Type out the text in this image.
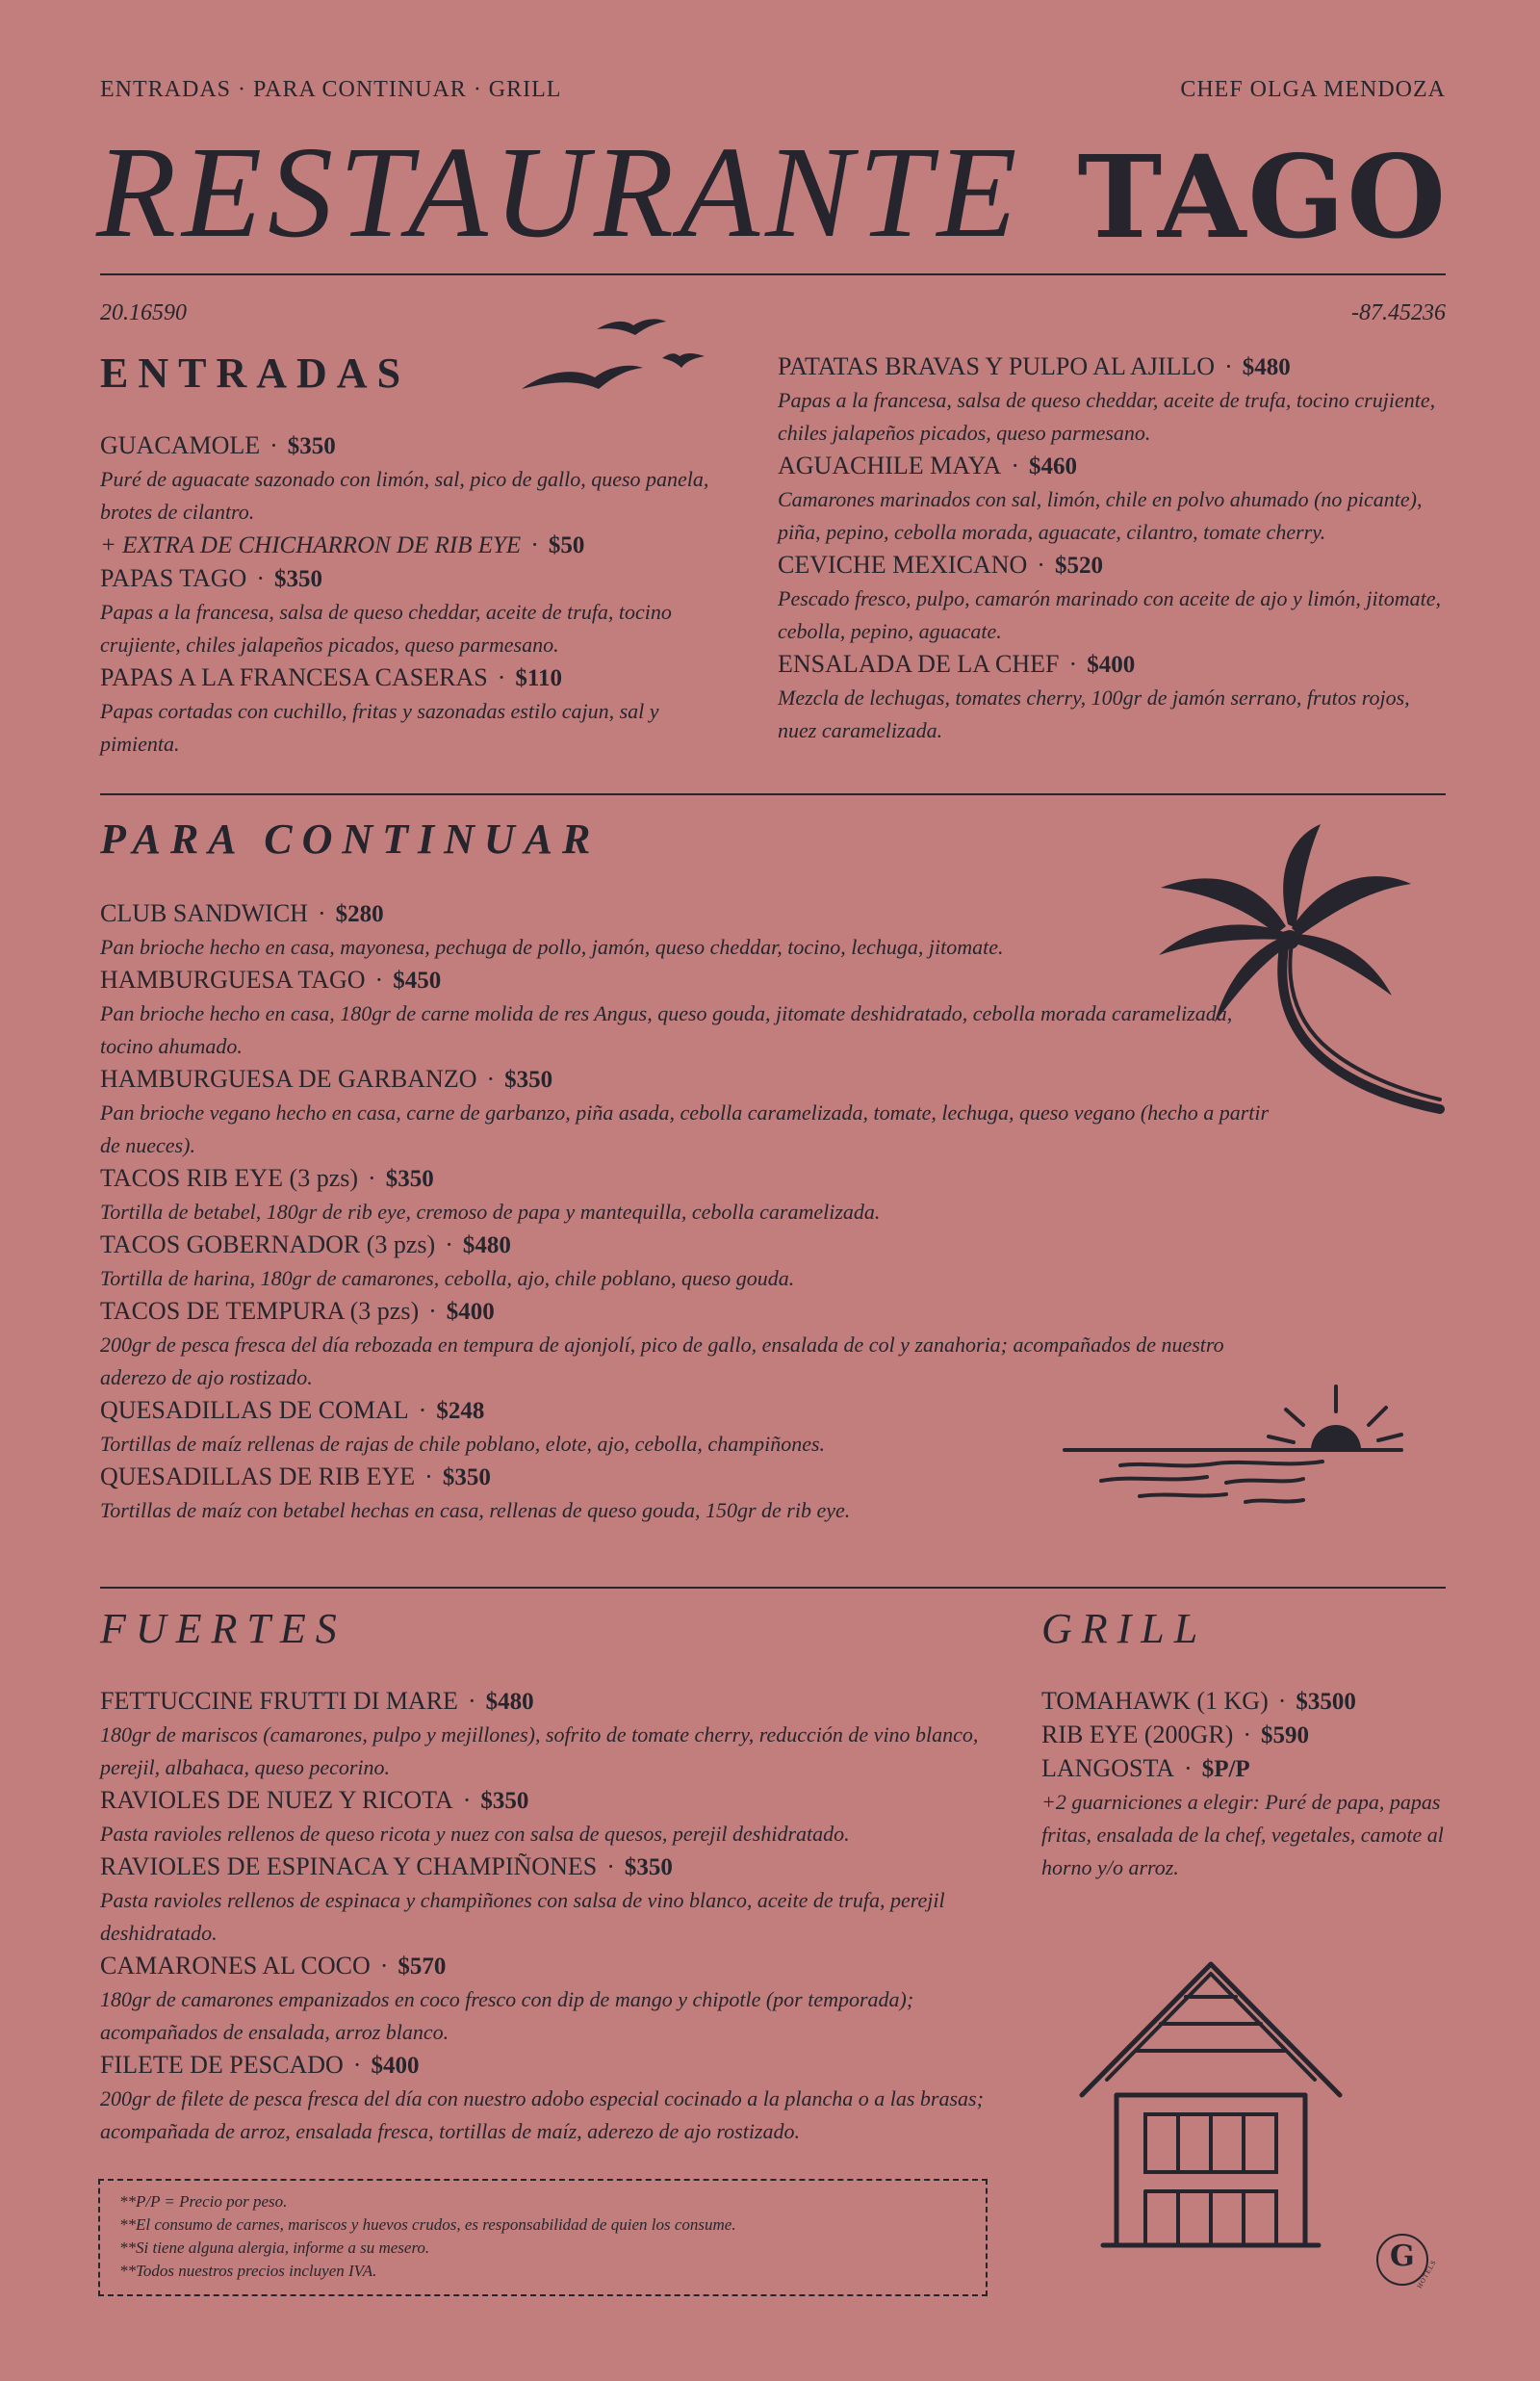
ENTRADAS · PARA CONTINUAR · GRILL	CHEF OLGA MENDOZA
RESTAURANTE TAGO
20.16590	-87.45236
ENTRADAS
GUACAMOLE · $350
Puré de aguacate sazonado con limón, sal, pico de gallo, queso panela, brotes de cilantro.
+ EXTRA DE CHICHARRON DE RIB EYE · $50
PAPAS TAGO · $350
Papas a la francesa, salsa de queso cheddar, aceite de trufa, tocino crujiente, chiles jalapeños picados, queso parmesano.
PAPAS A LA FRANCESA CASERAS · $110
Papas cortadas con cuchillo, fritas y sazonadas estilo cajun, sal y pimienta.
PATATAS BRAVAS Y PULPO AL AJILLO · $480
Papas a la francesa, salsa de queso cheddar, aceite de trufa, tocino crujiente, chiles jalapeños picados, queso parmesano.
AGUACHILE MAYA · $460
Camarones marinados con sal, limón, chile en polvo ahumado (no picante), piña, pepino, cebolla morada, aguacate, cilantro, tomate cherry.
CEVICHE MEXICANO · $520
Pescado fresco, pulpo, camarón marinado con aceite de ajo y limón, jitomate, cebolla, pepino, aguacate.
ENSALADA DE LA CHEF · $400
Mezcla de lechugas, tomates cherry, 100gr de jamón serrano, frutos rojos, nuez caramelizada.
PARA CONTINUAR
CLUB SANDWICH · $280
Pan brioche hecho en casa, mayonesa, pechuga de pollo, jamón, queso cheddar, tocino, lechuga, jitomate.
HAMBURGUESA TAGO · $450
Pan brioche hecho en casa, 180gr de carne molida de res Angus, queso gouda, jitomate deshidratado, cebolla morada caramelizada, tocino ahumado.
HAMBURGUESA DE GARBANZO · $350
Pan brioche vegano hecho en casa, carne de garbanzo, piña asada, cebolla caramelizada, tomate, lechuga, queso vegano (hecho a partir de nueces).
TACOS RIB EYE (3 pzs) · $350
Tortilla de betabel, 180gr de rib eye, cremoso de papa y mantequilla, cebolla caramelizada.
TACOS GOBERNADOR (3 pzs) · $480
Tortilla de harina, 180gr de camarones, cebolla, ajo, chile poblano, queso gouda.
TACOS DE TEMPURA (3 pzs) · $400
200gr de pesca fresca del día rebozada en tempura de ajonjolí, pico de gallo, ensalada de col y zanahoria; acompañados de nuestro aderezo de ajo rostizado.
QUESADILLAS DE COMAL · $248
Tortillas de maíz rellenas de rajas de chile poblano, elote, ajo, cebolla, champiñones.
QUESADILLAS DE RIB EYE · $350
Tortillas de maíz con betabel hechas en casa, rellenas de queso gouda, 150gr de rib eye.
FUERTES
FETTUCCINE FRUTTI DI MARE · $480
180gr de mariscos (camarones, pulpo y mejillones), sofrito de tomate cherry, reducción de vino blanco, perejil, albahaca, queso pecorino.
RAVIOLES DE NUEZ Y RICOTA · $350
Pasta ravioles rellenos de queso ricota y nuez con salsa de quesos, perejil deshidratado.
RAVIOLES DE ESPINACA Y CHAMPIÑONES · $350
Pasta ravioles rellenos de espinaca y champiñones con salsa de vino blanco, aceite de trufa, perejil deshidratado.
CAMARONES AL COCO · $570
180gr de camarones empanizados en coco fresco con dip de mango y chipotle (por temporada); acompañados de ensalada, arroz blanco.
FILETE DE PESCADO · $400
200gr de filete de pesca fresca del día con nuestro adobo especial cocinado a la plancha o a las brasas; acompañada de arroz, ensalada fresca, tortillas de maíz, aderezo de ajo rostizado.
GRILL
TOMAHAWK (1 KG) · $3500
RIB EYE (200GR) · $590
LANGOSTA · $P/P
+2 guarniciones a elegir: Puré de papa, papas fritas, ensalada de la chef, vegetales, camote al horno y/o arroz.
G
HOTELS
**P/P = Precio por peso.
**El consumo de carnes, mariscos y huevos crudos, es responsabilidad de quien los consume.
**Si tiene alguna alergia, informe a su mesero.
**Todos nuestros precios incluyen IVA.
